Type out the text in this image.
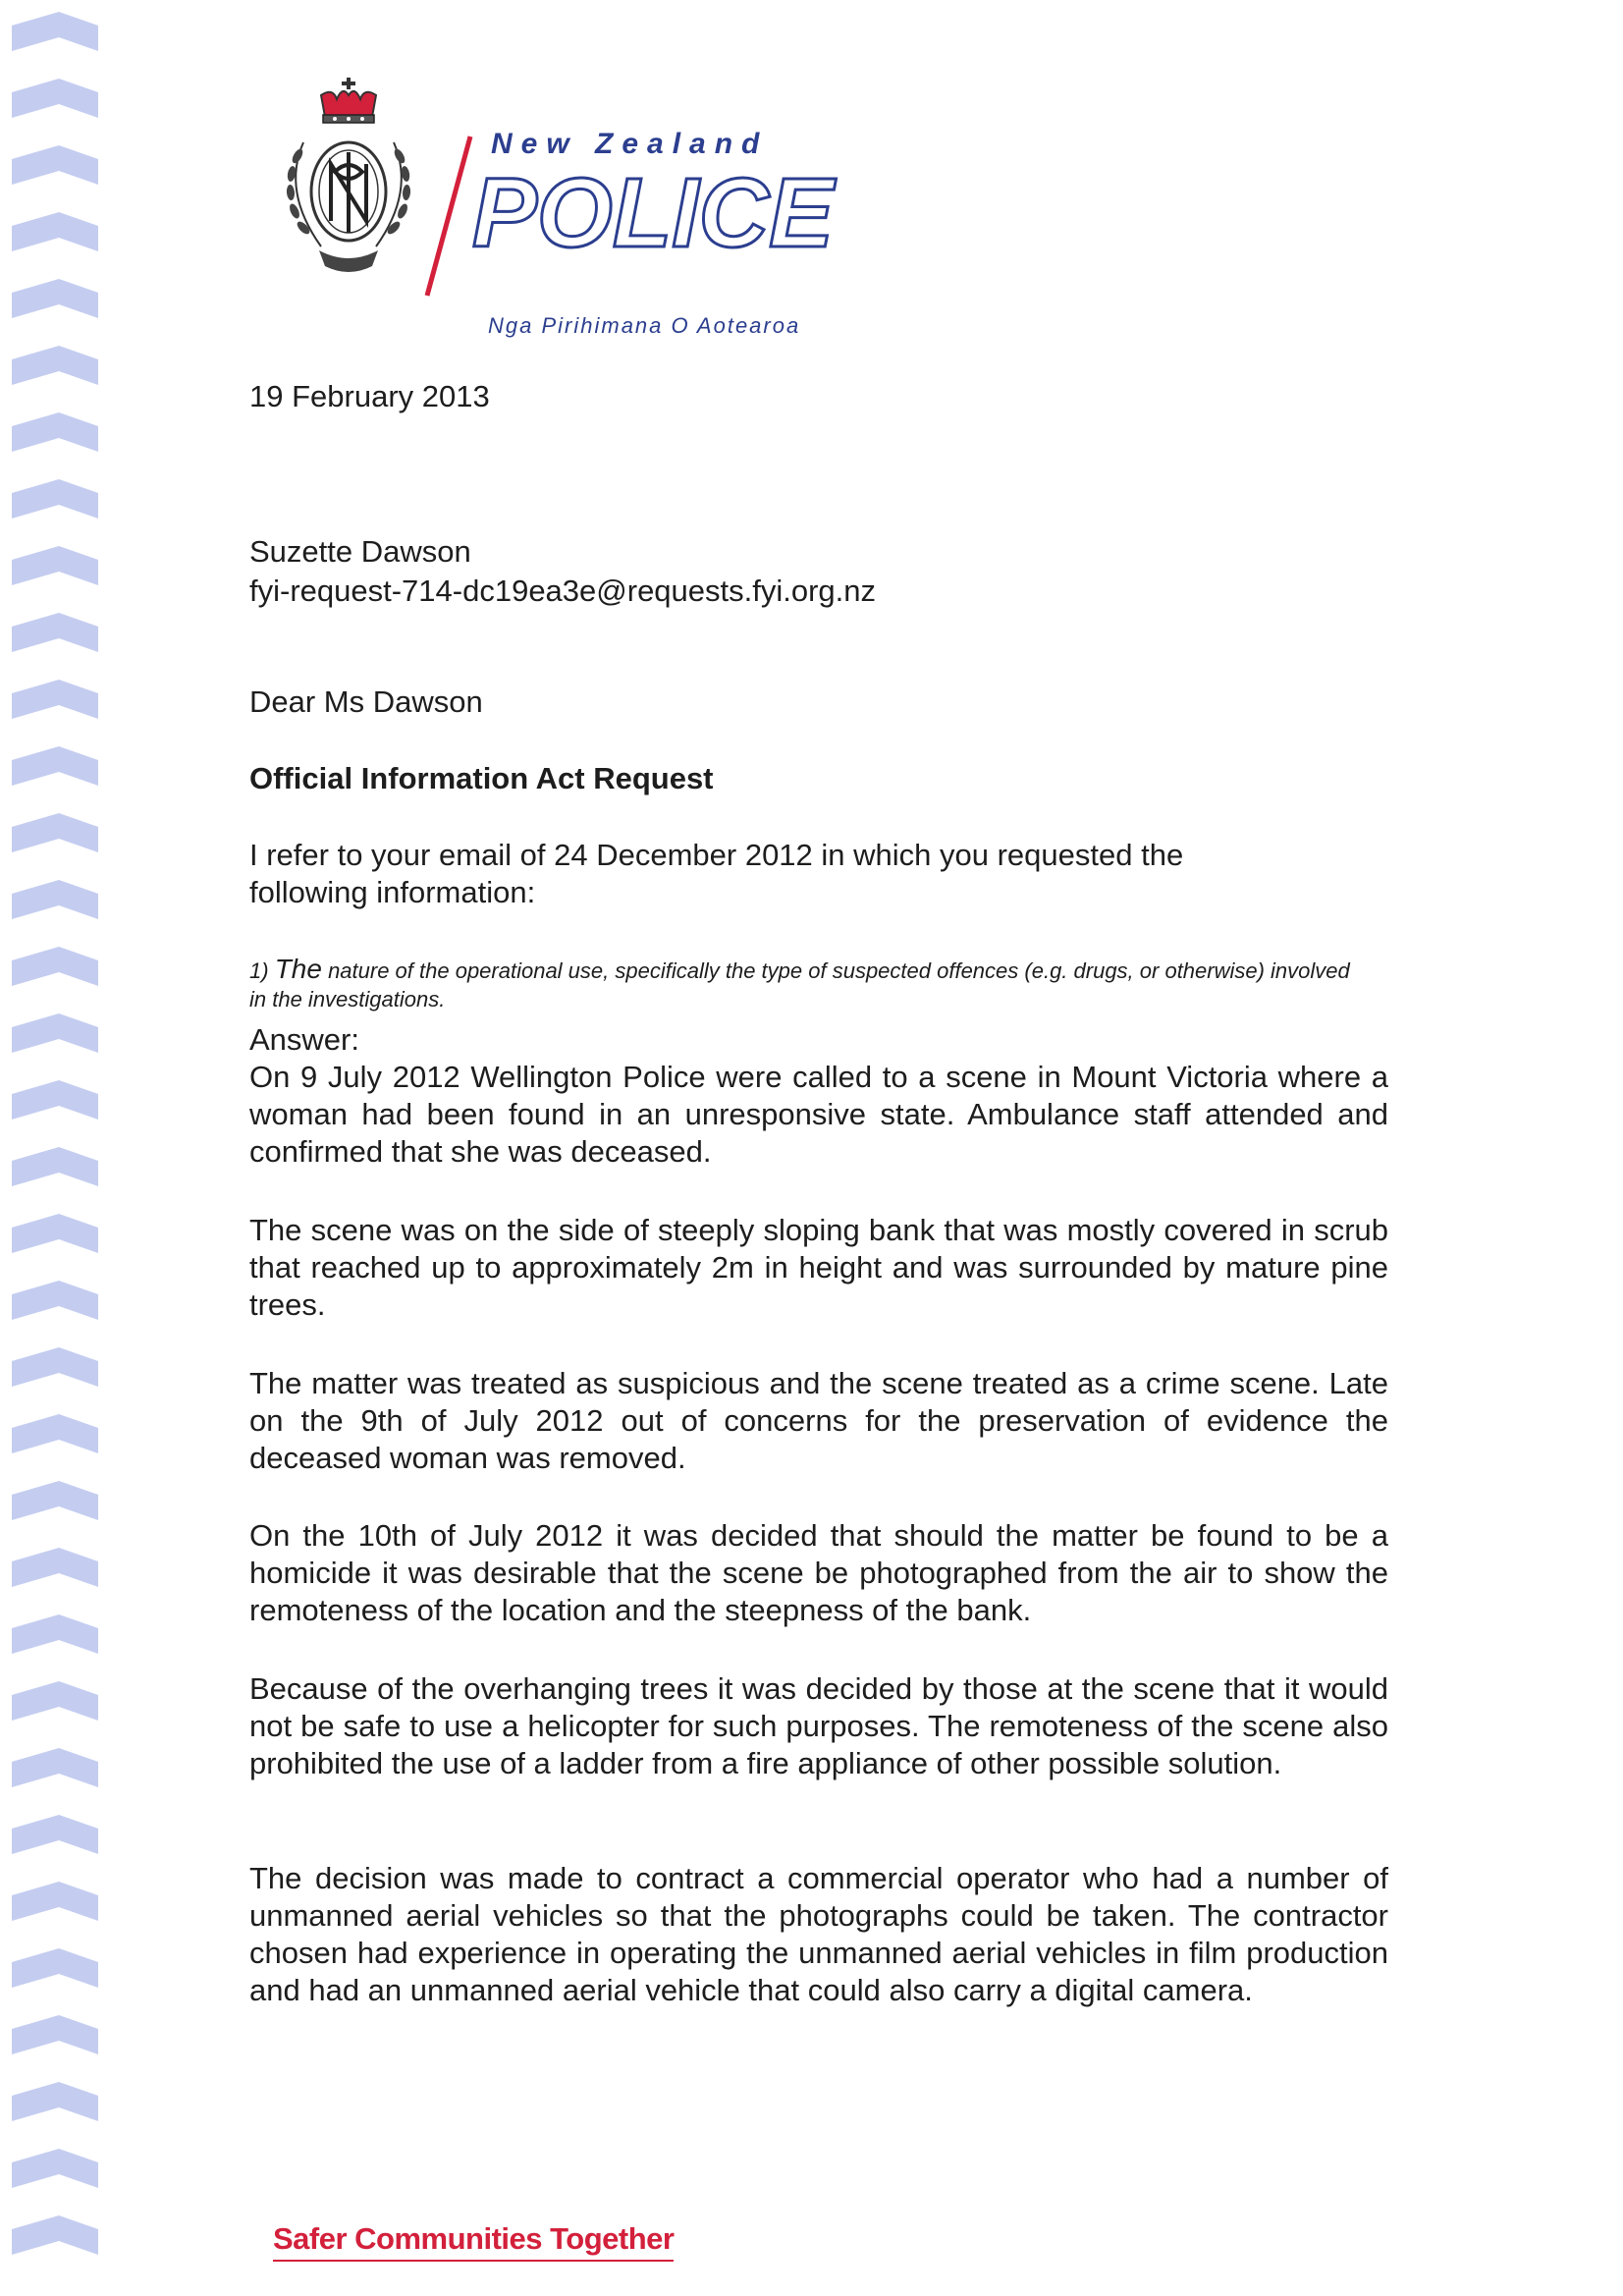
New Zealand
POLICE
Nga Pirihimana O Aotearoa
19 February 2013
Suzette Dawson
fyi-request-714-dc19ea3e@requests.fyi.org.nz
Dear Ms Dawson
Official Information Act Request
I refer to your email of 24 December 2012 in which you requested the following information:
1) The nature of the operational use, specifically the type of suspected offences (e.g. drugs, or otherwise) involved in the investigations.
Answer:
On 9 July 2012 Wellington Police were called to a scene in Mount Victoria where a woman had been found in an unresponsive state. Ambulance staff attended and confirmed that she was deceased.
The scene was on the side of steeply sloping bank that was mostly covered in scrub that reached up to approximately 2m in height and was surrounded by mature pine trees.
The matter was treated as suspicious and the scene treated as a crime scene. Late on the 9th of July 2012 out of concerns for the preservation of evidence the deceased woman was removed.
On the 10th of July 2012 it was decided that should the matter be found to be a homicide it was desirable that the scene be photographed from the air to show the remoteness of the location and the steepness of the bank.
Because of the overhanging trees it was decided by those at the scene that it would not be safe to use a helicopter for such purposes. The remoteness of the scene also prohibited the use of a ladder from a fire appliance of other possible solution.
The decision was made to contract a commercial operator who had a number of unmanned aerial vehicles so that the photographs could be taken. The contractor chosen had experience in operating the unmanned aerial vehicles in film production and had an unmanned aerial vehicle that could also carry a digital camera.
Safer Communities Together
